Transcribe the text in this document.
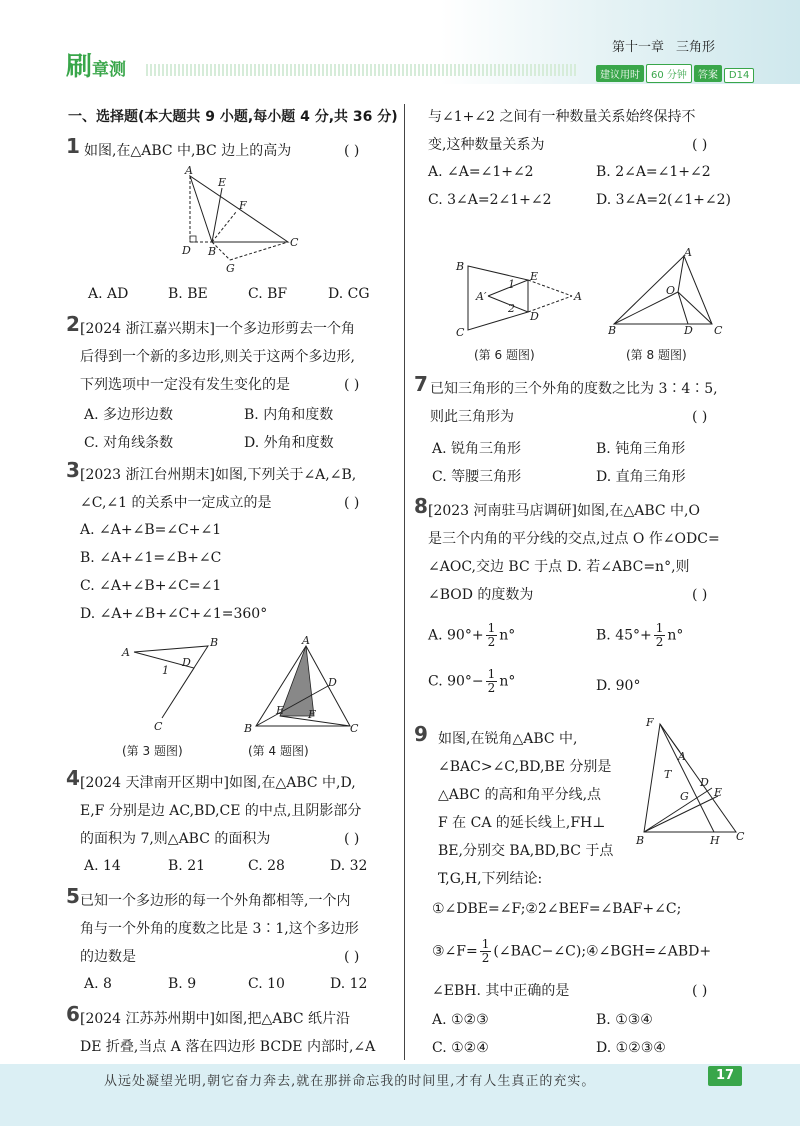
刷章测
第十一章 三角形
建议用时 60 分钟 答案 D14
一、选择题(本大题共 9 小题,每小题 4 分,共 36 分)
1 如图,在△ABC 中,BC 边上的高为	( )
A
E
F
D B
G
C
A. AD	B. BE	C. BF	D. CG
2 [2024 浙江嘉兴期末]一个多边形剪去一个角
后得到一个新的多边形,则关于这两个多边形,
下列选项中一定没有发生变化的是	( )
A. 多边形边数	B. 内角和度数
C. 对角线条数	D. 外角和度数
3 [2023 浙江台州期末]如图,下列关于∠A,∠B,
∠C,∠1 的关系中一定成立的是	( )
A. ∠A+∠B=∠C+∠1
B. ∠A+∠1=∠B+∠C
C. ∠A+∠B+∠C=∠1
D. ∠A+∠B+∠C+∠1=360°
A
B
C
D
1
(第 3 题图)
A
B	C
D
E F
(第 4 题图)
4 [2024 天津南开区期中]如图,在△ABC 中,D,
E,F 分别是边 AC,BD,CE 的中点,且阴影部分
的面积为 7,则△ABC 的面积为	( )
A. 14	B. 21	C. 28	D. 32
5 已知一个多边形的每一个外角都相等,一个内
角与一个外角的度数之比是 3∶1,这个多边形
的边数是	( )
A. 8	B. 9	C. 10	D. 12
6 [2024 江苏苏州期中]如图,把△ABC 纸片沿
DE 折叠,当点 A 落在四边形 BCDE 内部时,∠A
与∠1+∠2 之间有一种数量关系始终保持不
变,这种数量关系为	( )
A. ∠A=∠1+∠2	B. 2∠A=∠1+∠2
C. 3∠A=2∠1+∠2	D. 3∠A=2(∠1+∠2)
B
C
E
D
A′	A
1
2
(第 6 题图)
A
B	C
D
O
(第 8 题图)
7 已知三角形的三个外角的度数之比为 3∶4∶5,
则此三角形为	( )
A. 锐角三角形	B. 钝角三角形
C. 等腰三角形	D. 直角三角形
8 [2023 河南驻马店调研]如图,在△ABC 中,O
是三个内角的平分线的交点,过点 O 作∠ODC=
∠AOC,交边 BC 于点 D. 若∠ABC=n°,则
∠BOD 的度数为	( )
A. $90^\circ+ \frac{1}{2} n^\circ$	B. $45^\circ+ \frac{1}{2} n^\circ$
C. $90^\circ- \frac{1}{2} n^\circ$	D. 90°
9 如图,在锐角△ABC 中,
∠BAC>∠C,BD,BE 分别是
△ABC 的高和角平分线,点
F 在 CA 的延长线上,FH⊥
BE,分别交 BA,BD,BC 于点
T,G,H,下列结论:
F
A
T
D
E
G
B	H C
①∠DBE=∠F;②2∠BEF=∠BAF+∠C;
③∠F= $\frac{1}{2}$ (∠BAC−∠C);④∠BGH=∠ABD+
∠EBH. 其中正确的是	( )
A. ①②③	B. ①③④
C. ①②④	D. ①②③④
从远处凝望光明,朝它奋力奔去,就在那拼命忘我的时间里,才有人生真正的充实。	17
